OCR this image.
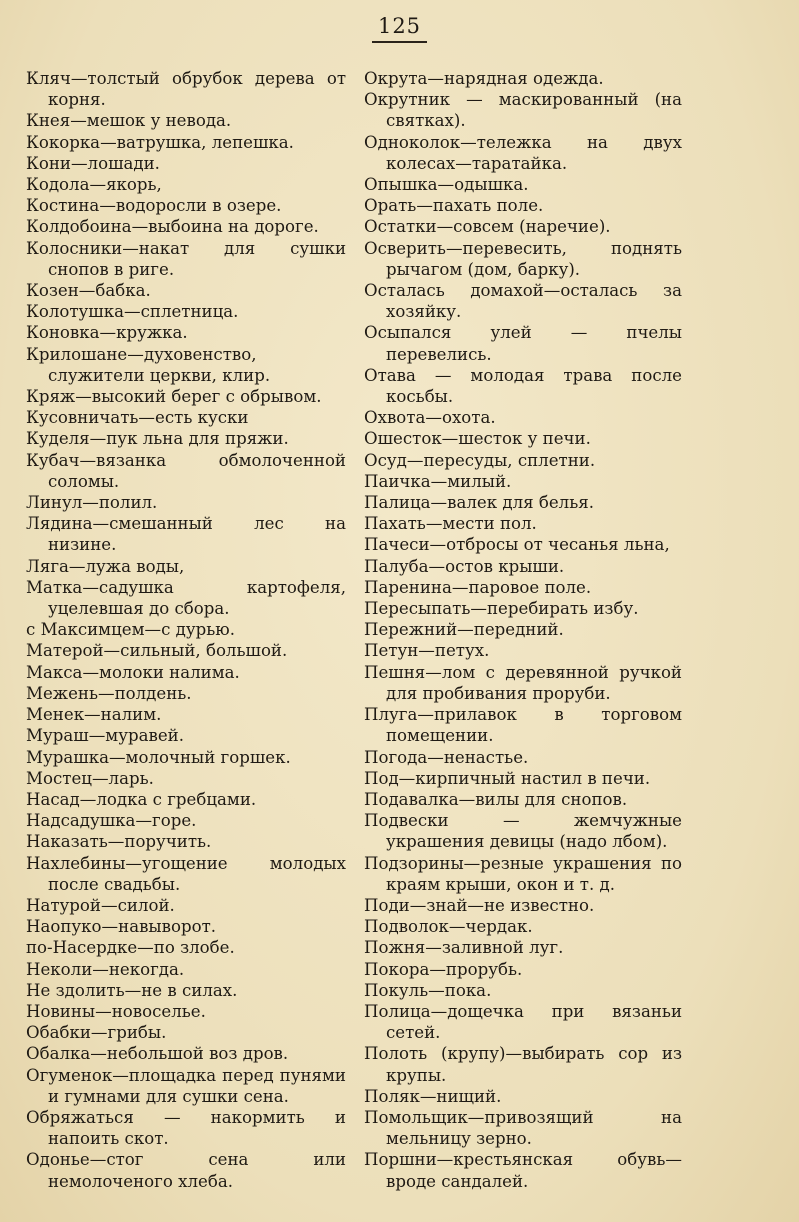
125

Кляч—толстый обрубок дерева от корня.

Кнея—мешок у невода.

Кокорка—ватрушка, лепешка.

Кони—лошади.

Кодола—якорь,

Костина—водоросли в озере.

Колдобоина—выбоина на дороге.

Колосники—накат для сушки снопов в риге.

Козен—бабка.

Колотушка—сплетница.

Коновка—кружка.

Крилошане—духовенство, служители церкви, клир.

Кряж—высокий берег с обрывом.

Кусовничать—есть куски

Куделя—пук льна для пряжи.

Кубач—вязанка обмолоченной соломы.

Линул—полил.

Лядина—смешанный лес на низине.

Ляга—лужа воды,

Матка—садушка картофеля, уцелевшая до сбора.

с Максимцем—с дурью.

Матерой—сильный, большой.

Макса—молоки налима.

Межень—полдень.

Менек—налим.

Мураш—муравей.

Мурашка—молочный горшек.

Мостец—ларь.

Насад—лодка с гребцами.

Надсадушка—горе.

Наказать—поручить.

Нахлебины—угощение молодых после свадьбы.

Натурой—силой.

Наопуко—навыворот.

по-Насердке—по злобе.

Неколи—некогда.

Не здолить—не в силах.

Новины—новоселье.

Обабки—грибы.

Обалка—небольшой воз дров.

Огуменок—площадка перед пунями и гумнами для сушки сена.

Обряжаться — накормить и напоить скот.

Одонье—стог сена или немолоченого хлеба.

Окрута—нарядная одежда.

Окрутник — маскированный (на святках).

Одноколок—тележка на двух колесах—таратайка.

Опышка—одышка.

Орать—пахать поле.

Остатки—совсем (наречие).

Осверить—перевесить, поднять рычагом (дом, барку).

Осталась домахой—осталась за хозяйку.

Осыпался улей — пчелы перевелись.

Отава — молодая трава после косьбы.

Охвота—охота.

Ошесток—шесток у печи.

Осуд—пересуды, сплетни.

Паичка—милый.

Палица—валек для белья.

Пахать—мести пол.

Пачеси—отбросы от чесанья льна,

Палуба—остов крыши.

Паренина—паровое поле.

Пересыпать—перебирать избу.

Пережний—передний.

Петун—петух.

Пешня—лом с деревянной ручкой для пробивания проруби.

Плуга—прилавок в торговом помещении.

Погода—ненастье.

Под—кирпичный настил в печи.

Подавалка—вилы для снопов.

Подвески — жемчужные украшения девицы (надо лбом).

Подзорины—резные украшения по краям крыши, окон и т. д.

Поди—знай—не известно.

Подволок—чердак.

Пожня—заливной луг.

Покора—прорубь.

Покуль—пока.

Полица—дощечка при вязаньи сетей.

Полоть (крупу)—выбирать сор из крупы.

Поляк—нищий.

Помольщик—привозящий на мельницу зерно.

Поршни—крестьянская обувь—вроде сандалей.
